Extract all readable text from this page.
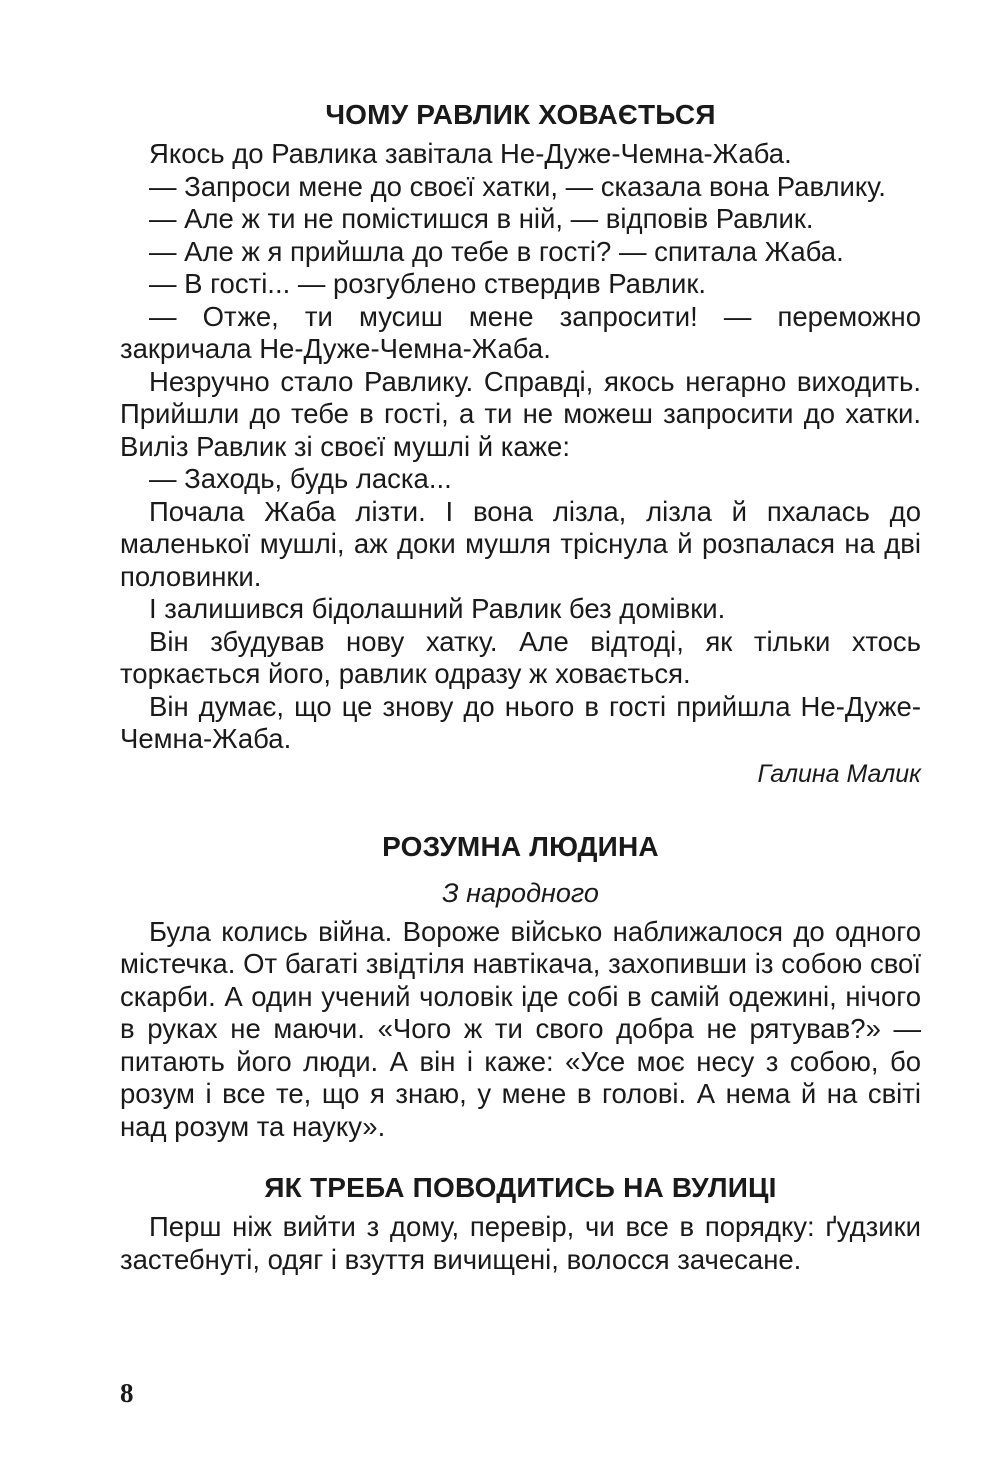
ЧОМУ РАВЛИК ХОВАЄТЬСЯ

Якось до Равлика завітала Не-Дуже-Чемна-Жаба.

— Запроси мене до своєї хатки, — сказала вона Равлику.

— Але ж ти не помістишся в ній, — відповів Равлик.

— Але ж я прийшла до тебе в гості? — спитала Жаба.

— В гості... — розгублено ствердив Равлик.

— Отже, ти мусиш мене запросити! — переможно закричала Не-Дуже-Чемна-Жаба.

Незручно стало Равлику. Справді, якось негарно виходить. Прийшли до тебе в гості, а ти не можеш запросити до хатки. Виліз Равлик зі своєї мушлі й каже:

— Заходь, будь ласка...

Почала Жаба лізти. І вона лізла, лізла й пхалась до маленької мушлі, аж доки мушля тріснула й розпалася на дві половинки.

І залишився бідолашний Равлик без домівки.

Він збудував нову хатку. Але відтоді, як тільки хтось торкається його, равлик одразу ж ховається.

Він думає, що це знову до нього в гості прийшла Не-Дуже-Чемна-Жаба.

Галина Малик

РОЗУМНА ЛЮДИНА

З народного

Була колись війна. Вороже військо наближалося до одного містечка. От багаті звідтіля навтікача, захопивши із собою свої скарби. А один учений чоловік іде собі в самій одежині, нічого в руках не маючи. «Чого ж ти свого добра не рятував?» — питають його люди. А він і каже: «Усе моє несу з собою, бо розум і все те, що я знаю, у мене в голові. А нема й на світі над розум та науку».

ЯК ТРЕБА ПОВОДИТИСЬ НА ВУЛИЦІ

Перш ніж вийти з дому, перевір, чи все в порядку: ґудзики застебнуті, одяг і взуття вичищені, волосся зачесане.

8
